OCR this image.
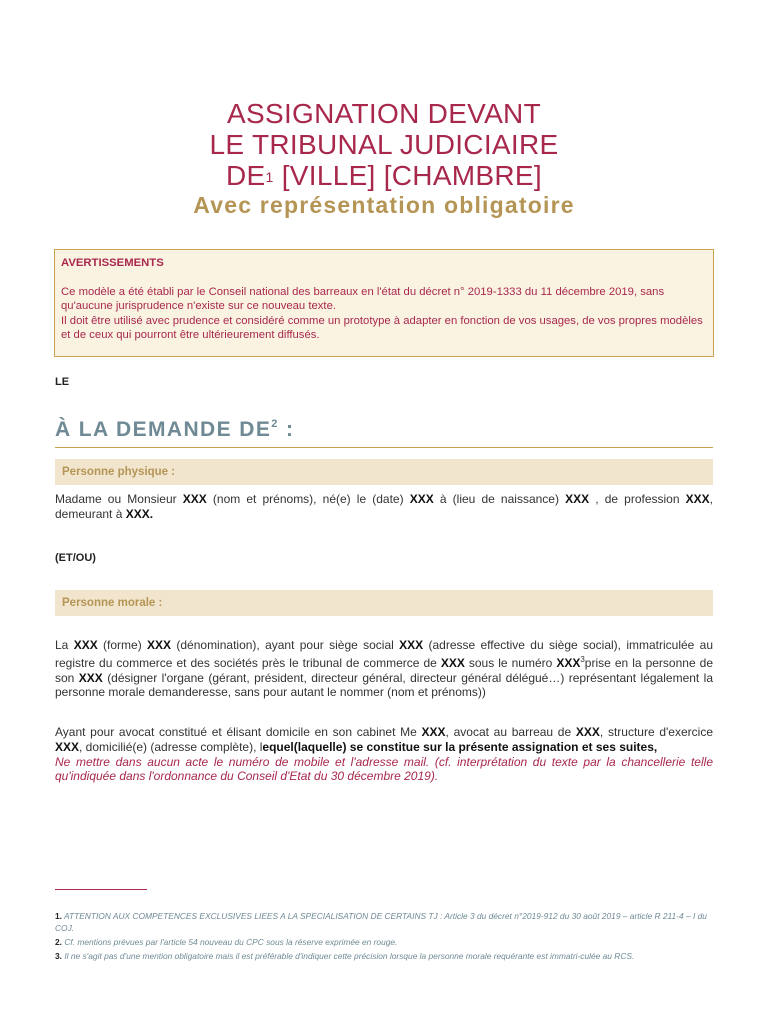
ASSIGNATION DEVANT
LE TRIBUNAL JUDICIAIRE
$DE^1$ [VILLE] [CHAMBRE]
Avec représentation obligatoire
AVERTISSEMENTS
Ce modèle a été établi par le Conseil national des barreaux en l'état du décret n° 2019-1333 du 11 décembre 2019, sans qu'aucune jurisprudence n'existe sur ce nouveau texte.
Il doit être utilisé avec prudence et considéré comme un prototype à adapter en fonction de vos usages, de vos propres modèles et de ceux qui pourront être ultérieurement diffusés.
LE
À LA DEMANDE $DE^2$ :
Personne physique :
Madame ou Monsieur XXX (nom et prénoms), né(e) le (date) XXX à (lieu de naissance) XXX , de profession XXX, demeurant à XXX.
(ET/OU)
Personne morale :
La XXX (forme) XXX (dénomination), ayant pour siège social XXX (adresse effective du siège social), immatriculée au registre du commerce et des sociétés près le tribunal de commerce de XXX sous le numéro XXX$^3$prise en la personne de son XXX (désigner l'organe (gérant, président, directeur général, directeur général délégué…) représentant légalement la personne morale demanderesse, sans pour autant le nommer (nom et prénoms))
Ayant pour avocat constitué et élisant domicile en son cabinet Me XXX, avocat au barreau de XXX, structure d'exercice XXX, domicilié(e) (adresse complète), lequel(laquelle) se constitue sur la présente assignation et ses suites,
Ne mettre dans aucun acte le numéro de mobile et l'adresse mail. (cf. interprétation du texte par la chancellerie telle qu'indiquée dans l'ordonnance du Conseil d'Etat du 30 décembre 2019).
1. ATTENTION AUX COMPETENCES EXCLUSIVES LIEES A LA SPECIALISATION DE CERTAINS TJ : Article 3 du décret n°2019-912 du 30 août 2019 – article R 211-4 – I du COJ.
2. Cf. mentions prévues par l'article 54 nouveau du CPC sous la réserve exprimée en rouge.
3. Il ne s'agit pas d'une mention obligatoire mais il est préférable d'indiquer cette précision lorsque la personne morale requérante est immatri-culée au RCS.
